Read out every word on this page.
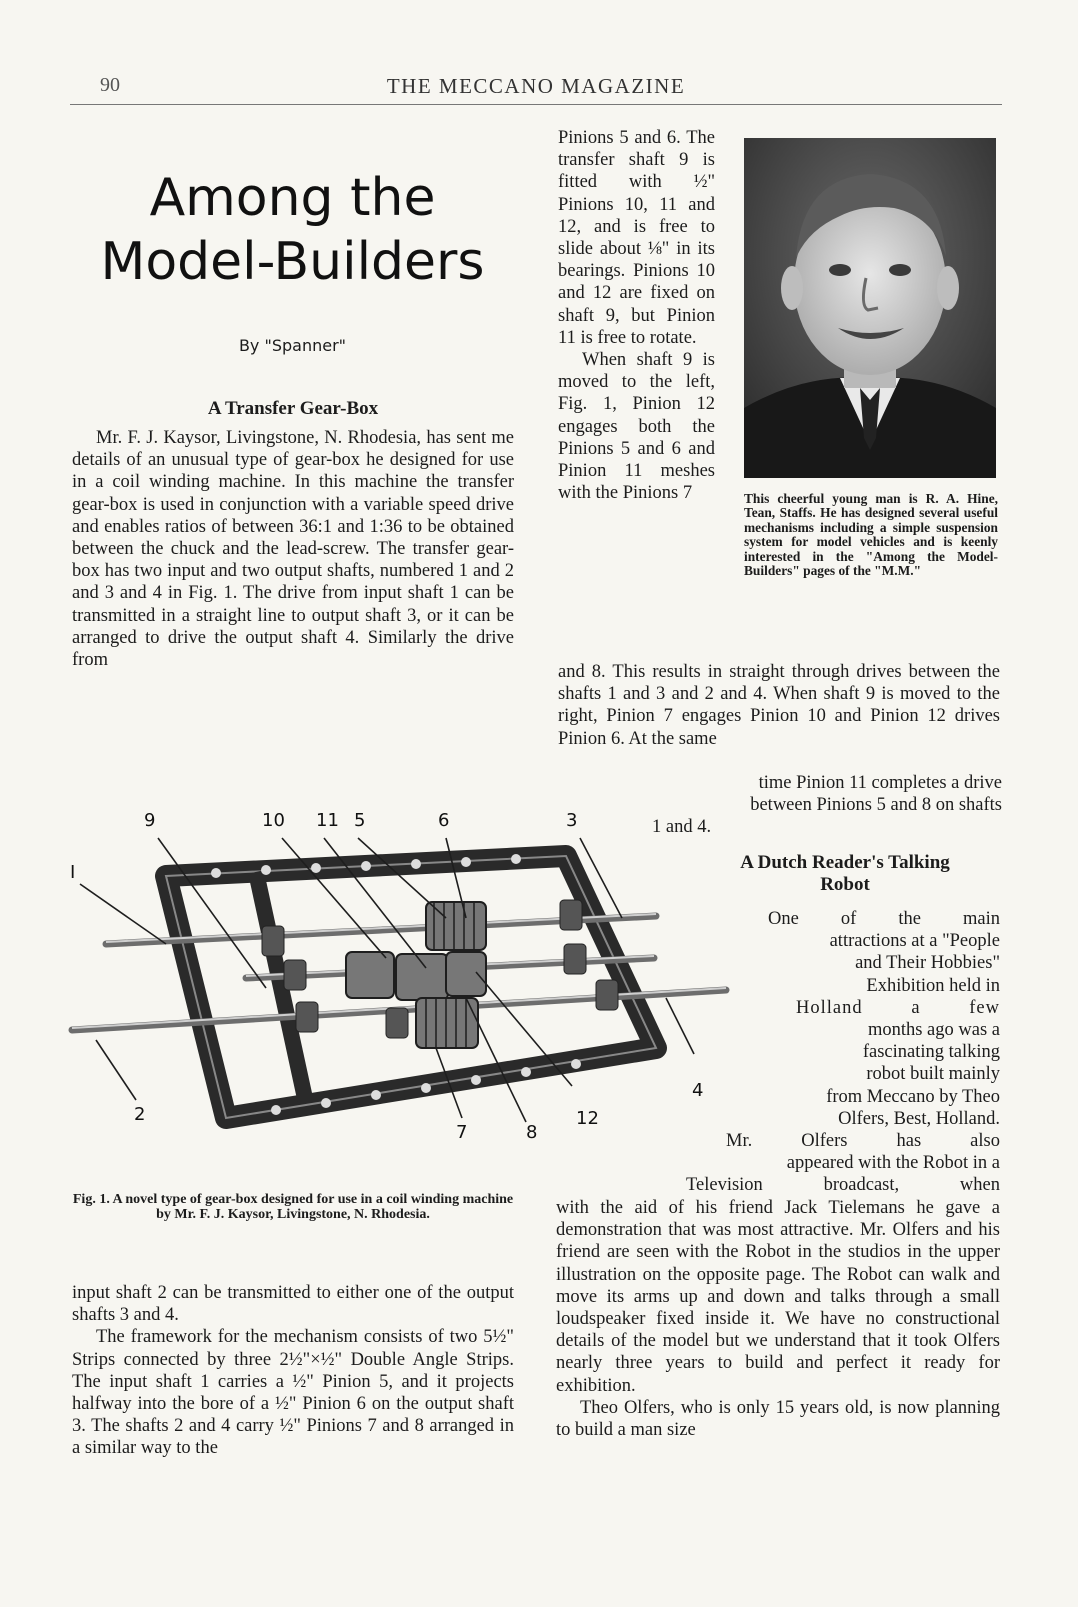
90	THE MECCANO MAGAZINE
Among the
Model-Builders
By "Spanner"
A Transfer Gear-Box

Mr. F. J. Kaysor, Livingstone, N. Rhodesia, has sent me details of an unusual type of gear-box he designed for use in a coil winding machine. In this machine the transfer gear-box is used in conjunction with a variable speed drive and enables ratios of between 36:1 and 1:36 to be obtained between the chuck and the lead-screw. The transfer gear-box has two input and two output shafts, numbered 1 and 2 and 3 and 4 in Fig. 1. The drive from input shaft 1 can be transmitted in a straight line to output shaft 3, or it can be arranged to drive the output shaft 4. Similarly the drive from

Pinions 5 and 6. The transfer shaft 9 is fitted with ½" Pinions 10, 11 and 12, and is free to slide about ⅛" in its bearings. Pinions 10 and 12 are fixed on shaft 9, but Pinion 11 is free to rotate.

When shaft 9 is moved to the left, Fig. 1, Pinion 12 engages both the Pinions 5 and 6 and Pinion 11 meshes with the Pinions 7	This cheerful young man is R. A. Hine, Tean, Staffs. He has designed several useful mechanisms including a simple suspension system for model vehicles and is keenly interested in the "Among the Model-Builders" pages of the "M.M."

and 8. This results in straight through drives between the shafts 1 and 3 and 2 and 4. When shaft 9 is moved to the right, Pinion 7 engages Pinion 10 and Pinion 12 drives Pinion 6. At the same

time Pinion 11 completes a drive
between Pinions 5 and 8 on shafts
1 and 4.
9	10 11 5	6	3
I
2
7	8
12
4
Fig. 1. A novel type of gear-box designed for use in a coil winding machine by Mr. F. J. Kaysor, Livingstone, N. Rhodesia.

input shaft 2 can be transmitted to either one of the output shafts 3 and 4.

The framework for the mechanism consists of two 5½" Strips connected by three 2½"×½" Double Angle Strips. The input shaft 1 carries a ½" Pinion 5, and it projects halfway into the bore of a ½" Pinion 6 on the output shaft 3. The shafts 2 and 4 carry ½" Pinions 7 and 8 arranged in a similar way to the

A Dutch Reader's Talking
Robot
One of the main
attractions at a "People
and Their Hobbies"
Exhibition held in
Holland a few
months ago was a
fascinating talking
robot built mainly
from Meccano by Theo
Olfers, Best, Holland.
Mr. Olfers has also
appeared with the Robot in a
Television broadcast, when

with the aid of his friend Jack Tielemans he gave a demonstration that was most attractive. Mr. Olfers and his friend are seen with the Robot in the studios in the upper illustration on the opposite page. The Robot can walk and move its arms up and down and talks through a small loudspeaker fixed inside it. We have no constructional details of the model but we understand that it took Olfers nearly three years to build and perfect it ready for exhibition.

Theo Olfers, who is only 15 years old, is now planning to build a man size
